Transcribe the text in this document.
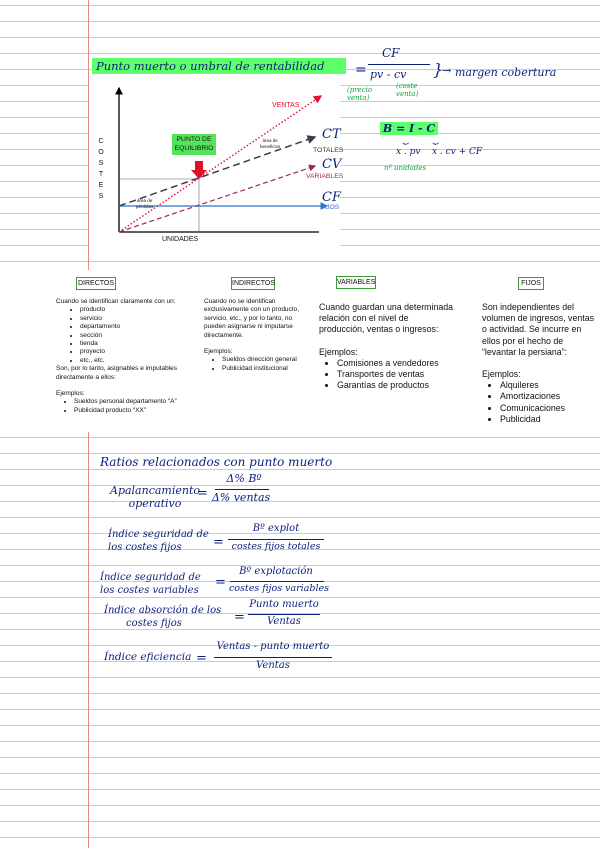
Punto muerto o umbral de rentabilidad	=
CF
pv - cv
(precio venta)
(coste venta)
}
→ margen cobertura
B = I - C
⏟ ⏟
x . pv x . cv + CF
nº unidades
C
O
S
T
E
S
UNIDADES
PUNTO DE
EQUILIBRIO
área de
beneficios
área de
pérdidas
VENTAS
TOTALES
VARIABLES
FIJOS
CT
CV
CF
DIRECTOS	INDIRECTOS	VARIABLES	FIJOS
Cuando se identifican claramente con un:
• producto
• servicio
• departamento
• sección
• tienda
• proyecto
• etc., etc.
Son, por lo tanto, asignables e imputables directamente a ellos:
Ejemplos:
• Sueldos personal departamento “A”
• Publicidad producto “XX”
Cuando no se identifican exclusivamente con un producto, servicio, etc., y por lo tanto, no pueden asignarse ni imputarse directamente.
Ejemplos:
• Sueldos dirección general
• Publicidad institucional
Cuando guardan una determinada relación con el nivel de producción, ventas o ingresos:
Ejemplos:
• Comisiones a vendedores
• Transportes de ventas
• Garantías de productos
Son independientes del volumen de ingresos, ventas o actividad. Se incurre en ellos por el hecho de “levantar la persiana”:
Ejemplos:
• Alquileres
• Amortizaciones
• Comunicaciones
• Publicidad
Ratios relacionados con punto muerto
Apalancamiento
operativo
=
Δ% Bº
Δ% ventas
Índice seguridad de
los costes fijos	=
Bº explot
costes fijos totales
Índice seguridad de
los costes variables
=
Bº explotación
costes fijos variables
Índice absorción de los
costes fijos	=
Punto muerto
Ventas
Índice eficiencia =
Ventas - punto muerto
Ventas
